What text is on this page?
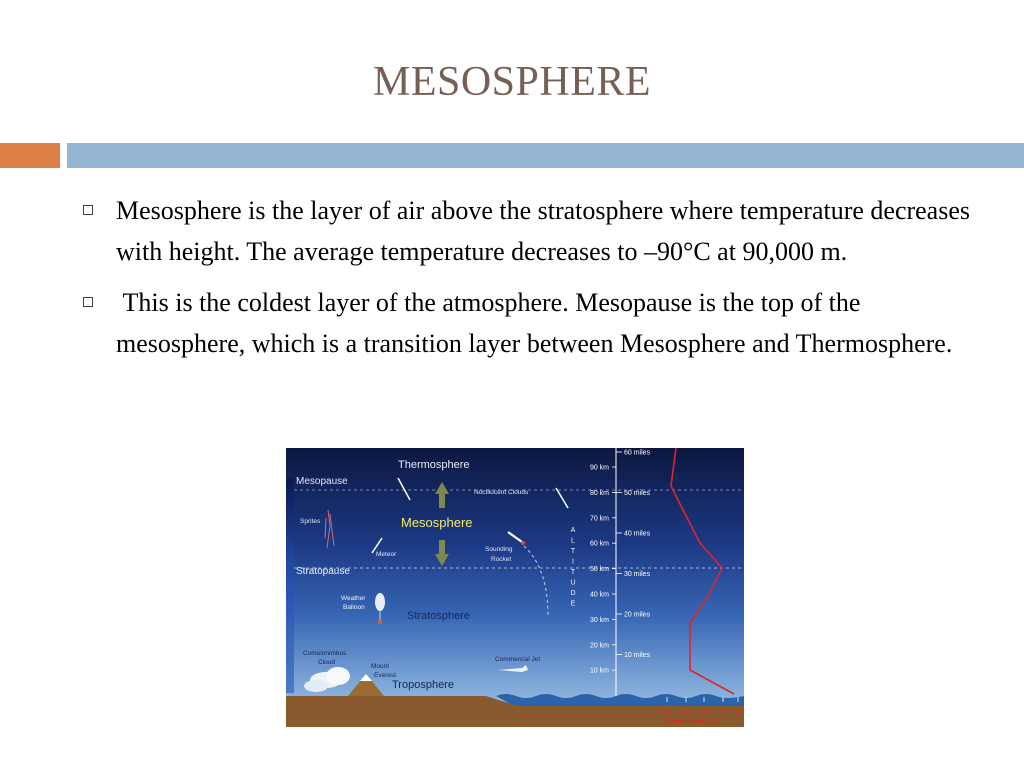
MESOSPHERE
Mesosphere is the layer of air above the stratosphere where temperature decreases with height. The average temperature decreases to –90°C at 90,000 m.
This is the coldest layer of the atmosphere. Mesopause is the top of the mesosphere, which is a transition layer between Mesosphere and Thermosphere.
Thermosphere
Mesopause
Mesosphere
Stratopause
Stratosphere
Troposphere
Noctilucent Clouds
Sprites
Meteor
Sounding
Rocket
Weather
Balloon
Cumulonimbus
Cloud
Mount
Everest
Commercial Jet
A
L
T
I
T
U
D
E
90 km
80 km
70 km
60 km
50 km
40 km
30 km
20 km
10 km
60 miles
50 miles
40 miles
30 miles
20 miles
10 miles
-90 -60 -30 0 20
Temperature (°C)
